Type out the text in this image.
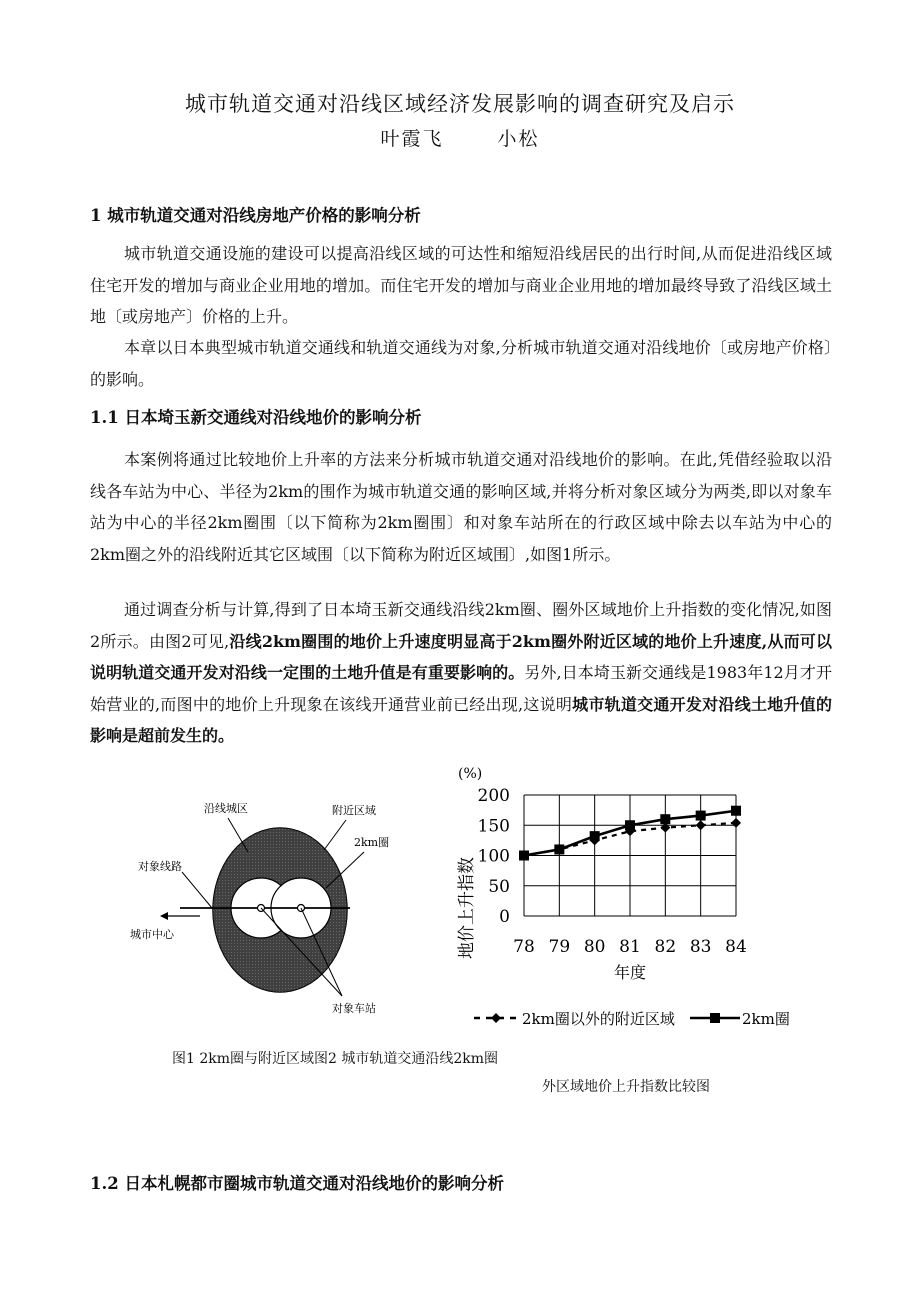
城市轨道交通对沿线区域经济发展影响的调查研究及启示
叶霞飞	小松
1 城市轨道交通对沿线房地产价格的影响分析

城市轨道交通设施的建设可以提高沿线区域的可达性和缩短沿线居民的出行时间,从而促进沿线区域住宅开发的增加与商业企业用地的增加。而住宅开发的增加与商业企业用地的增加最终导致了沿线区域土地〔或房地产〕价格的上升。

本章以日本典型城市轨道交通线和轨道交通线为对象,分析城市轨道交通对沿线地价〔或房地产价格〕的影响。

1.1 日本埼玉新交通线对沿线地价的影响分析

本案例将通过比较地价上升率的方法来分析城市轨道交通对沿线地价的影响。在此,凭借经验取以沿线各车站为中心、半径为2km的围作为城市轨道交通的影响区域,并将分析对象区域分为两类,即以对象车站为中心的半径2km圈围〔以下简称为2km圈围〕和对象车站所在的行政区域中除去以车站为中心的2km圈之外的沿线附近其它区域围〔以下简称为附近区域围〕,如图1所示。

通过调查分析与计算,得到了日本埼玉新交通线沿线2km圈、圈外区域地价上升指数的变化情况,如图2所示。由图2可见,沿线2km圈围的地价上升速度明显高于2km圈外附近区域的地价上升速度,从而可以说明轨道交通开发对沿线一定围的土地升值是有重要影响的。另外,日本埼玉新交通线是1983年12月才开始营业的,而图中的地价上升现象在该线开通营业前已经出现,这说明城市轨道交通开发对沿线土地升值的影响是超前发生的。

沿线城区	附近区域
2km圈
对象线路
城市中心
对象车站
(%)
0
50
100
150
200
78 79 80 81 82 83 84
地价上升指数
年度
2km圈以外的附近区域	2km圈
图1 2km圈与附近区域图2 城市轨道交通沿线2km圈
外区域地价上升指数比较图
1.2 日本札幌都市圈城市轨道交通对沿线地价的影响分析
